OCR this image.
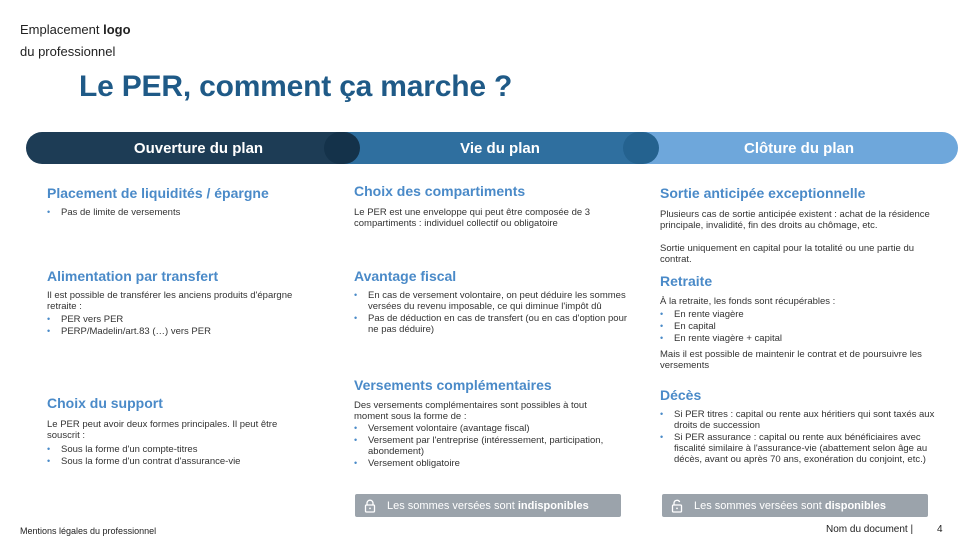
Emplacement logo
du professionnel
Le PER, comment ça marche ?
Ouverture du plan	Vie du plan	Clôture du plan
Placement de liquidités / épargne
• Pas de limite de versements
Alimentation par transfert
Il est possible de transférer les anciens produits d'épargne retraite :
• PER vers PER
• PERP/Madelin/art.83 (…) vers PER
Choix du support
Le PER peut avoir deux formes principales. Il peut être souscrit :
• Sous la forme d'un compte-titres
• Sous la forme d'un contrat d'assurance-vie
Choix des compartiments
Le PER est une enveloppe qui peut être composée de 3 compartiments : individuel collectif ou obligatoire
Avantage fiscal
• En cas de versement volontaire, on peut déduire les sommes versées du revenu imposable, ce qui diminue l'impôt dû
• Pas de déduction en cas de transfert (ou en cas d'option pour ne pas déduire)
Versements complémentaires
Des versements complémentaires sont possibles à tout moment sous la forme de :
• Versement volontaire (avantage fiscal)
• Versement par l'entreprise (intéressement, participation, abondement)
• Versement obligatoire
Les sommes versées sont
indisponibles
Sortie anticipée exceptionnelle
Plusieurs cas de sortie anticipée existent : achat de la résidence principale, invalidité, fin des droits au chômage, etc.
Sortie uniquement en capital pour la totalité ou une partie du contrat.
Retraite
À la retraite, les fonds sont récupérables :
• En rente viagère
• En capital
• En rente viagère + capital
Mais il est possible de maintenir le contrat et de poursuivre les versements
Décès
• Si PER titres : capital ou rente aux héritiers qui sont taxés aux droits de succession
• Si PER assurance : capital ou rente aux bénéficiaires avec fiscalité similaire à l'assurance-vie (abattement selon âge au décès, avant ou après 70 ans, exonération du conjoint, etc.)
Les sommes versées sont
disponibles
Mentions légales du professionnel	Nom du document | 4
